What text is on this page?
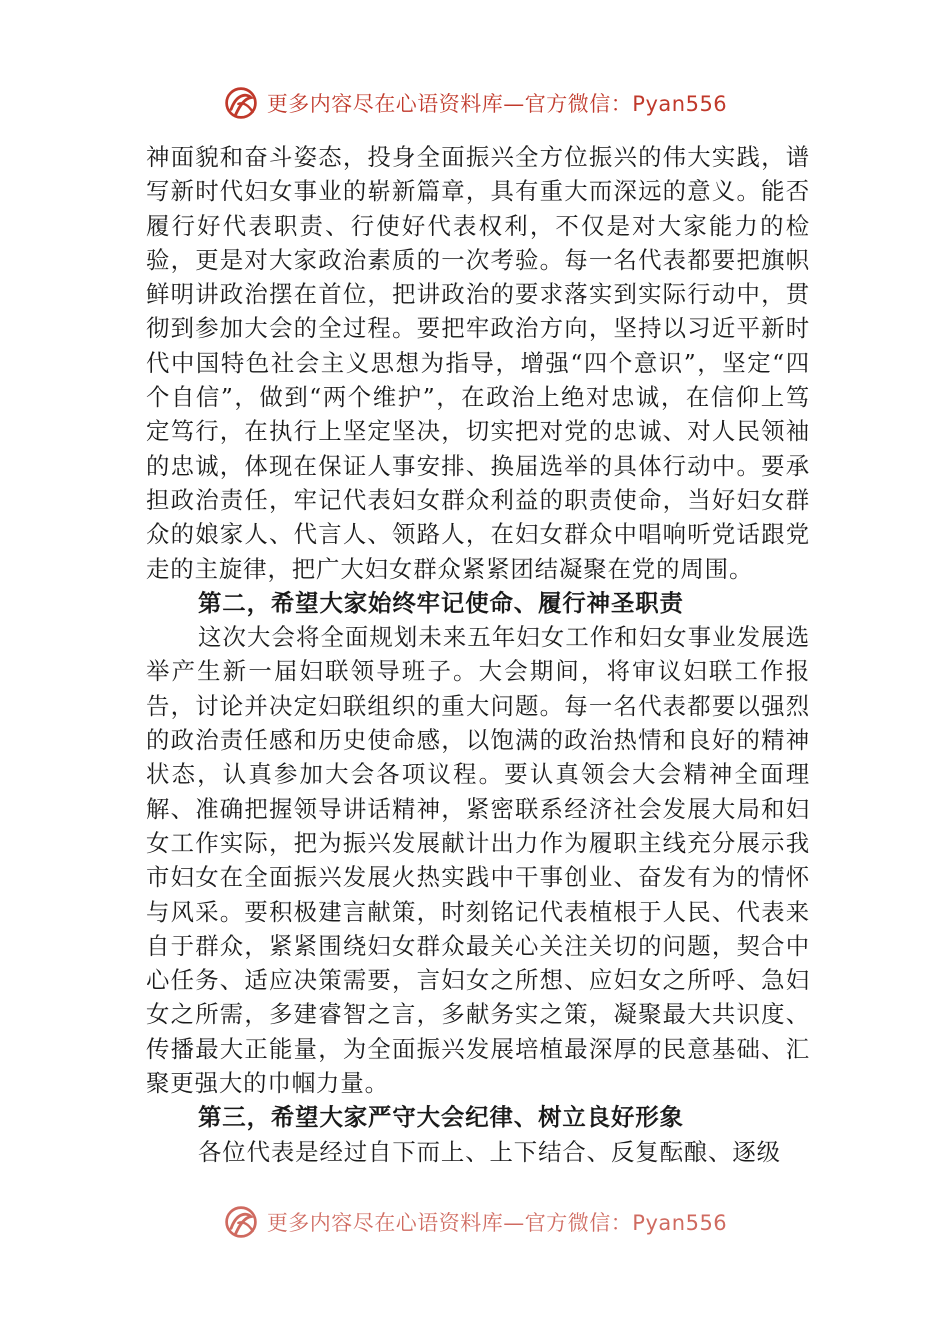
更多内容尽在心语资料库—官方微信：Pyan556

神面貌和奋斗姿态，投身全面振兴全方位振兴的伟大实践，谱写新时代妇女事业的崭新篇章，具有重大而深远的意义。能否履行好代表职责、行使好代表权利，不仅是对大家能力的检验，更是对大家政治素质的一次考验。每一名代表都要把旗帜鲜明讲政治摆在首位，把讲政治的要求落实到实际行动中，贯彻到参加大会的全过程。要把牢政治方向，坚持以习近平新时代中国特色社会主义思想为指导，增强“四个意识”，坚定“四个自信”，做到“两个维护”，在政治上绝对忠诚，在信仰上笃定笃行，在执行上坚定坚决，切实把对党的忠诚、对人民领袖的忠诚，体现在保证人事安排、换届选举的具体行动中。要承担政治责任，牢记代表妇女群众利益的职责使命，当好妇女群众的娘家人、代言人、领路人，在妇女群众中唱响听党话跟党走的主旋律，把广大妇女群众紧紧团结凝聚在党的周围。

第二，希望大家始终牢记使命、履行神圣职责

这次大会将全面规划未来五年妇女工作和妇女事业发展选举产生新一届妇联领导班子。大会期间，将审议妇联工作报告，讨论并决定妇联组织的重大问题。每一名代表都要以强烈的政治责任感和历史使命感，以饱满的政治热情和良好的精神状态，认真参加大会各项议程。要认真领会大会精神全面理解、准确把握领导讲话精神，紧密联系经济社会发展大局和妇女工作实际，把为振兴发展献计出力作为履职主线充分展示我市妇女在全面振兴发展火热实践中干事创业、奋发有为的情怀与风采。要积极建言献策，时刻铭记代表植根于人民、代表来自于群众，紧紧围绕妇女群众最关心关注关切的问题，契合中心任务、适应决策需要，言妇女之所想、应妇女之所呼、急妇女之所需，多建睿智之言，多献务实之策，凝聚最大共识度、传播最大正能量，为全面振兴发展培植最深厚的民意基础、汇聚更强大的巾帼力量。

第三，希望大家严守大会纪律、树立良好形象

各位代表是经过自下而上、上下结合、反复酝酿、逐级

更多内容尽在心语资料库—官方微信：Pyan556
